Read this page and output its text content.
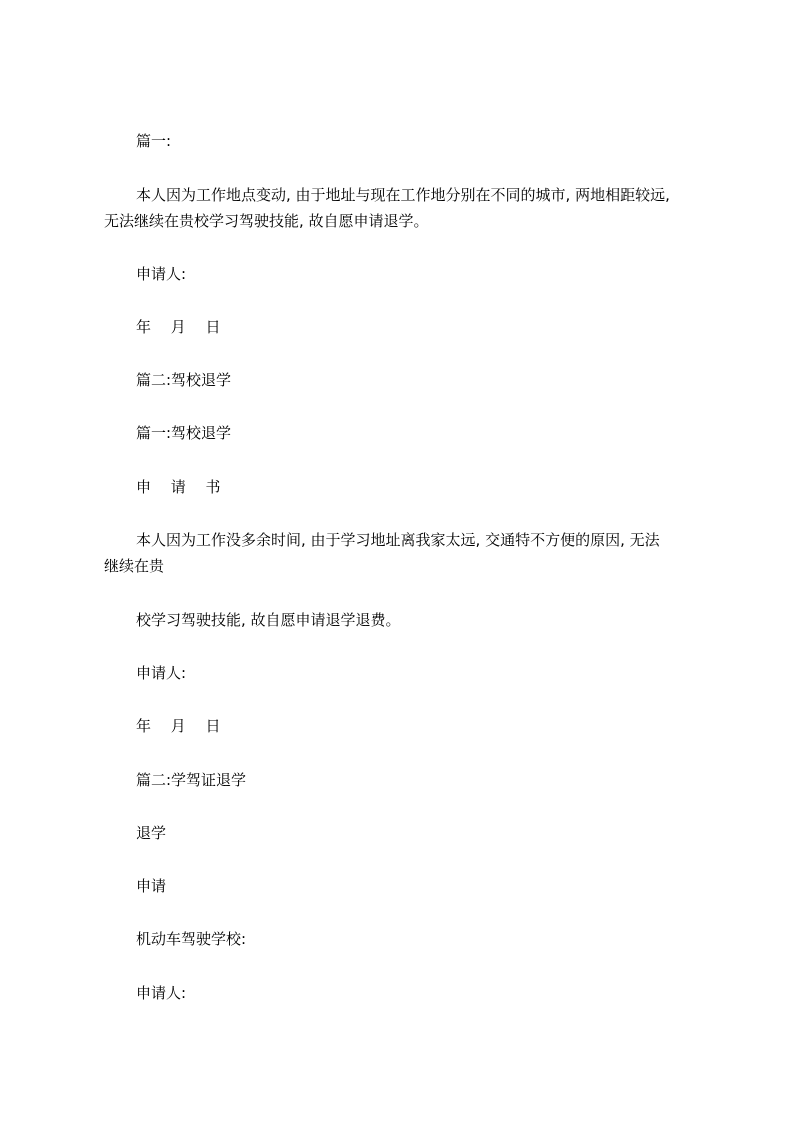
篇一:
本人因为工作地点变动, 由于地址与现在工作地分别在不同的城市, 两地相距较远,
无法继续在贵校学习驾驶技能, 故自愿申请退学。
申请人:
年 月 日
篇二:驾校退学
篇一:驾校退学
申 请 书
本人因为工作没多余时间, 由于学习地址离我家太远, 交通特不方便的原因, 无法
继续在贵
校学习驾驶技能, 故自愿申请退学退费。
申请人:
年 月 日
篇二:学驾证退学
退学
申请
机动车驾驶学校:
申请人:
